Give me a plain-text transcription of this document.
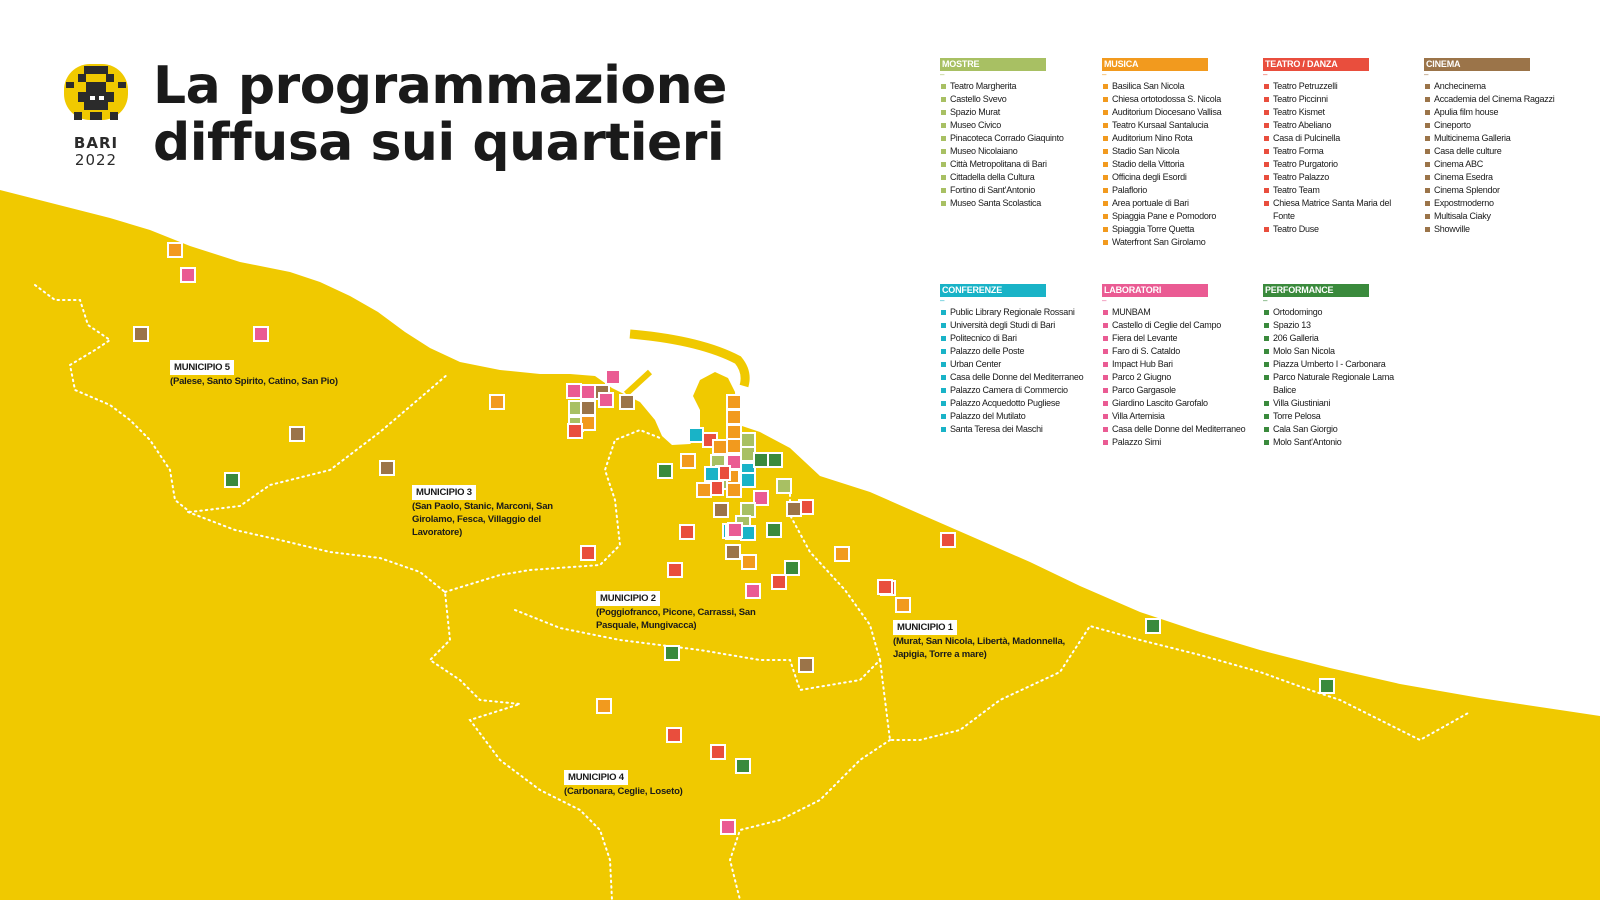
BARI
2022
La programmazione
diffusa sui quartieri
MOSTRE
–
Teatro Margherita
Castello Svevo
Spazio Murat
Museo Civico
Pinacoteca Corrado Giaquinto
Museo Nicolaiano
Città Metropolitana di Bari
Cittadella della Cultura
Fortino di Sant'Antonio
Museo Santa Scolastica
MUSICA
–
Basilica San Nicola
Chiesa ortotodossa S. Nicola
Auditorium Diocesano Vallisa
Teatro Kursaal Santalucia
Auditorium Nino Rota
Stadio San Nicola
Stadio della Vittoria
Officina degli Esordi
Palaflorio
Area portuale di Bari
Spiaggia Pane e Pomodoro
Spiaggia Torre Quetta
Waterfront San Girolamo
TEATRO / DANZA
–
Teatro Petruzzelli
Teatro Piccinni
Teatro Kismet
Teatro Abeliano
Casa di Pulcinella
Teatro Forma
Teatro Purgatorio
Teatro Palazzo
Teatro Team
Chiesa Matrice Santa Maria del Fonte
Teatro Duse
CINEMA
–
Anchecinema
Accademia del Cinema Ragazzi
Apulia film house
Cineporto
Multicinema Galleria
Casa delle culture
Cinema ABC
Cinema Esedra
Cinema Splendor
Expostmoderno
Multisala Ciaky
Showville
CONFERENZE
–
Public Library Regionale Rossani
Università degli Studi di Bari
Politecnico di Bari
Palazzo delle Poste
Urban Center
Casa delle Donne del Mediterraneo
Palazzo Camera di Commercio
Palazzo Acquedotto Pugliese
Palazzo del Mutilato
Santa Teresa dei Maschi
LABORATORI
–
MUNBAM
Castello di Ceglie del Campo
Fiera del Levante
Faro di S. Cataldo
Impact Hub Bari
Parco 2 Giugno
Parco Gargasole
Giardino Lascito Garofalo
Villa Artemisia
Casa delle Donne del Mediterraneo
Palazzo Simi
PERFORMANCE
–
Ortodomingo
Spazio 13
206 Galleria
Molo San Nicola
Piazza Umberto I - Carbonara
Parco Naturale Regionale Lama Balice
Villa Giustiniani
Torre Pelosa
Cala San Giorgio
Molo Sant'Antonio
MUNICIPIO 5
(Palese, Santo Spirito, Catino, San Pio)
MUNICIPIO 3
(San Paolo, Stanic, Marconi, San Girolamo, Fesca, Villaggio del Lavoratore)
MUNICIPIO 2
(Poggiofranco, Picone, Carrassi, San Pasquale, Mungivacca)	MUNICIPIO 1
(Murat, San Nicola, Libertà, Madonnella, Japigia, Torre a mare)
MUNICIPIO 4
(Carbonara, Ceglie, Loseto)
